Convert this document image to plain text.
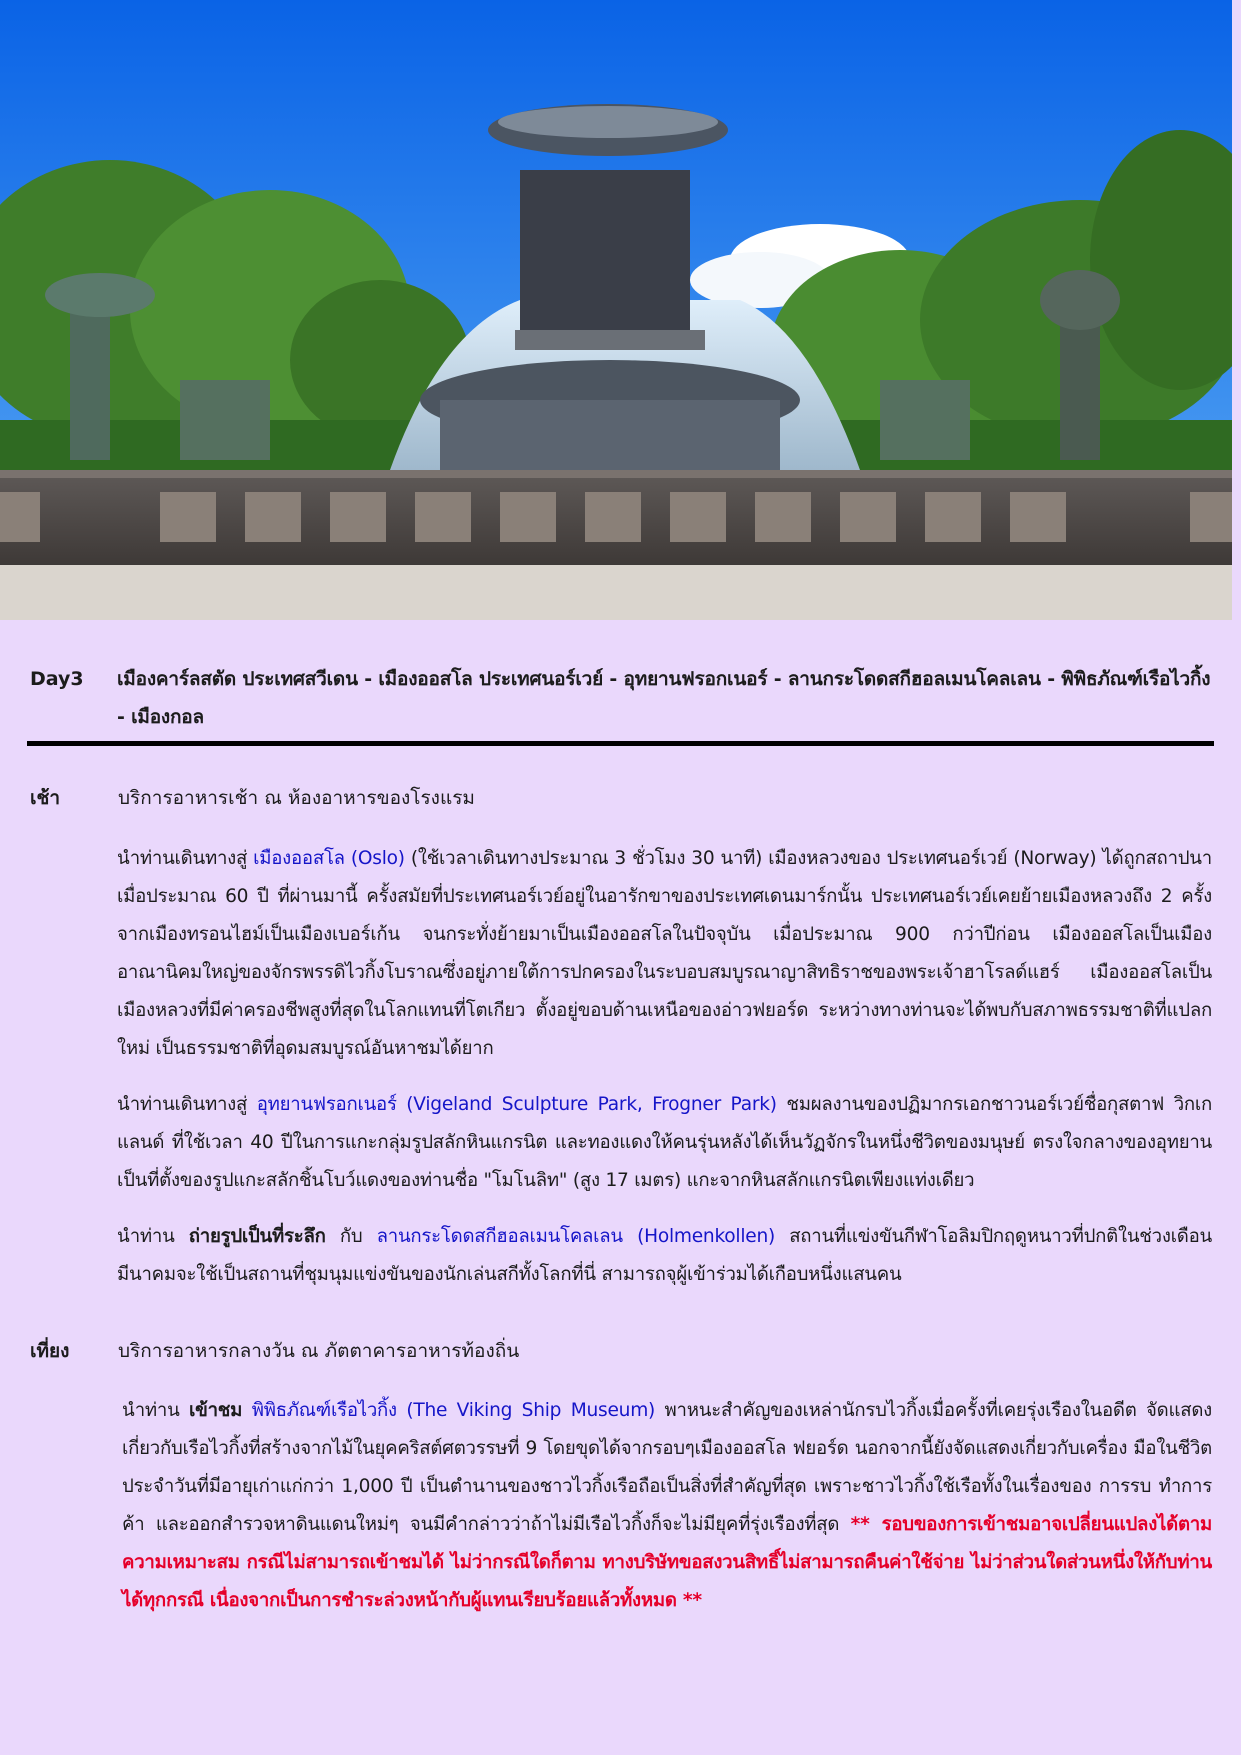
Day3 เมืองคาร์ลสตัด ประเทศสวีเดน - เมืองออสโล ประเทศนอร์เวย์ - อุทยานฟรอกเนอร์ - ลานกระโดดสกีฮอลเมนโคลเลน - พิพิธภัณฑ์เรือไวกิ้ง - เมืองกอล
เช้า	บริการอาหารเช้า ณ ห้องอาหารของโรงแรม
นำท่านเดินทางสู่ เมืองออสโล (Oslo) (ใช้เวลาเดินทางประมาณ 3 ชั่วโมง 30 นาที) เมืองหลวงของ ประเทศนอร์เวย์ (Norway) ได้ถูกสถาปนาเมื่อประมาณ 60 ปี ที่ผ่านมานี้ ครั้งสมัยที่ประเทศนอร์เวย์อยู่ในอารักขาของประเทศเดนมาร์กนั้น ประเทศนอร์เวย์เคยย้ายเมืองหลวงถึง 2 ครั้ง จากเมืองทรอนไฮม์เป็นเมืองเบอร์เก้น จนกระทั่งย้ายมาเป็นเมืองออสโลในปัจจุบัน เมื่อประมาณ 900 กว่าปีก่อน เมืองออสโลเป็นเมืองอาณานิคมใหญ่ของจักรพรรดิไวกิ้งโบราณซึ่งอยู่ภายใต้การปกครองในระบอบสมบูรณาญาสิทธิราชของพระเจ้าฮาโรลด์แฮร์ เมืองออสโลเป็นเมืองหลวงที่มีค่าครองชีพสูงที่สุดในโลกแทนที่โตเกียว ตั้งอยู่ขอบด้านเหนือของอ่าวฟยอร์ด ระหว่างทางท่านจะได้พบกับสภาพธรรมชาติที่แปลกใหม่ เป็นธรรมชาติที่อุดมสมบูรณ์อันหาชมได้ยาก
นำท่านเดินทางสู่ อุทยานฟรอกเนอร์ (Vigeland Sculpture Park, Frogner Park) ชมผลงานของปฏิมากรเอกชาวนอร์เวย์ชื่อกุสตาฟ วิกเกแลนด์ ที่ใช้เวลา 40 ปีในการแกะกลุ่มรูปสลักหินแกรนิต และทองแดงให้คนรุ่นหลังได้เห็นวัฏจักรในหนึ่งชีวิตของมนุษย์ ตรงใจกลางของอุทยานเป็นที่ตั้งของรูปแกะสลักชิ้นโบว์แดงของท่านชื่อ "โมโนลิท" (สูง 17 เมตร) แกะจากหินสลักแกรนิตเพียงแท่งเดียว
นำท่าน ถ่ายรูปเป็นที่ระลึก กับ ลานกระโดดสกีฮอลเมนโคลเลน (Holmenkollen) สถานที่แข่งขันกีฬาโอลิมปิกฤดูหนาวที่ปกติในช่วงเดือนมีนาคมจะใช้เป็นสถานที่ชุมนุมแข่งขันของนักเล่นสกีทั้งโลกที่นี่ สามารถจุผู้เข้าร่วมได้เกือบหนึ่งแสนคน
เที่ยง	บริการอาหารกลางวัน ณ ภัตตาคารอาหารท้องถิ่น
นำท่าน เข้าชม พิพิธภัณฑ์เรือไวกิ้ง (The Viking Ship Museum) พาหนะสำคัญของเหล่านักรบไวกิ้งเมื่อครั้งที่เคยรุ่งเรืองในอดีต จัดแสดงเกี่ยวกับเรือไวกิ้งที่สร้างจากไม้ในยุคคริสต์ศตวรรษที่ 9 โดยขุดได้จากรอบๆเมืองออสโล ฟยอร์ด นอกจากนี้ยังจัดแสดงเกี่ยวกับเครื่อง มือในชีวิตประจำวันที่มีอายุเก่าแก่กว่า 1,000 ปี เป็นตำนานของชาวไวกิ้งเรือถือเป็นสิ่งที่สำคัญที่สุด เพราะชาวไวกิ้งใช้เรือทั้งในเรื่องของ การรบ ทำการค้า และออกสำรวจหาดินแดนใหม่ๆ จนมีคำกล่าวว่าถ้าไม่มีเรือไวกิ้งก็จะไม่มียุคที่รุ่งเรืองที่สุด ** รอบของการเข้าชมอาจเปลี่ยนแปลงได้ตามความเหมาะสม กรณีไม่สามารถเข้าชมได้ ไม่ว่ากรณีใดก็ตาม ทางบริษัทขอสงวนสิทธิ์ไม่สามารถคืนค่าใช้จ่าย ไม่ว่าส่วนใดส่วนหนึ่งให้กับท่านได้ทุกกรณี เนื่องจากเป็นการชำระล่วงหน้ากับผู้แทนเรียบร้อยแล้วทั้งหมด **
